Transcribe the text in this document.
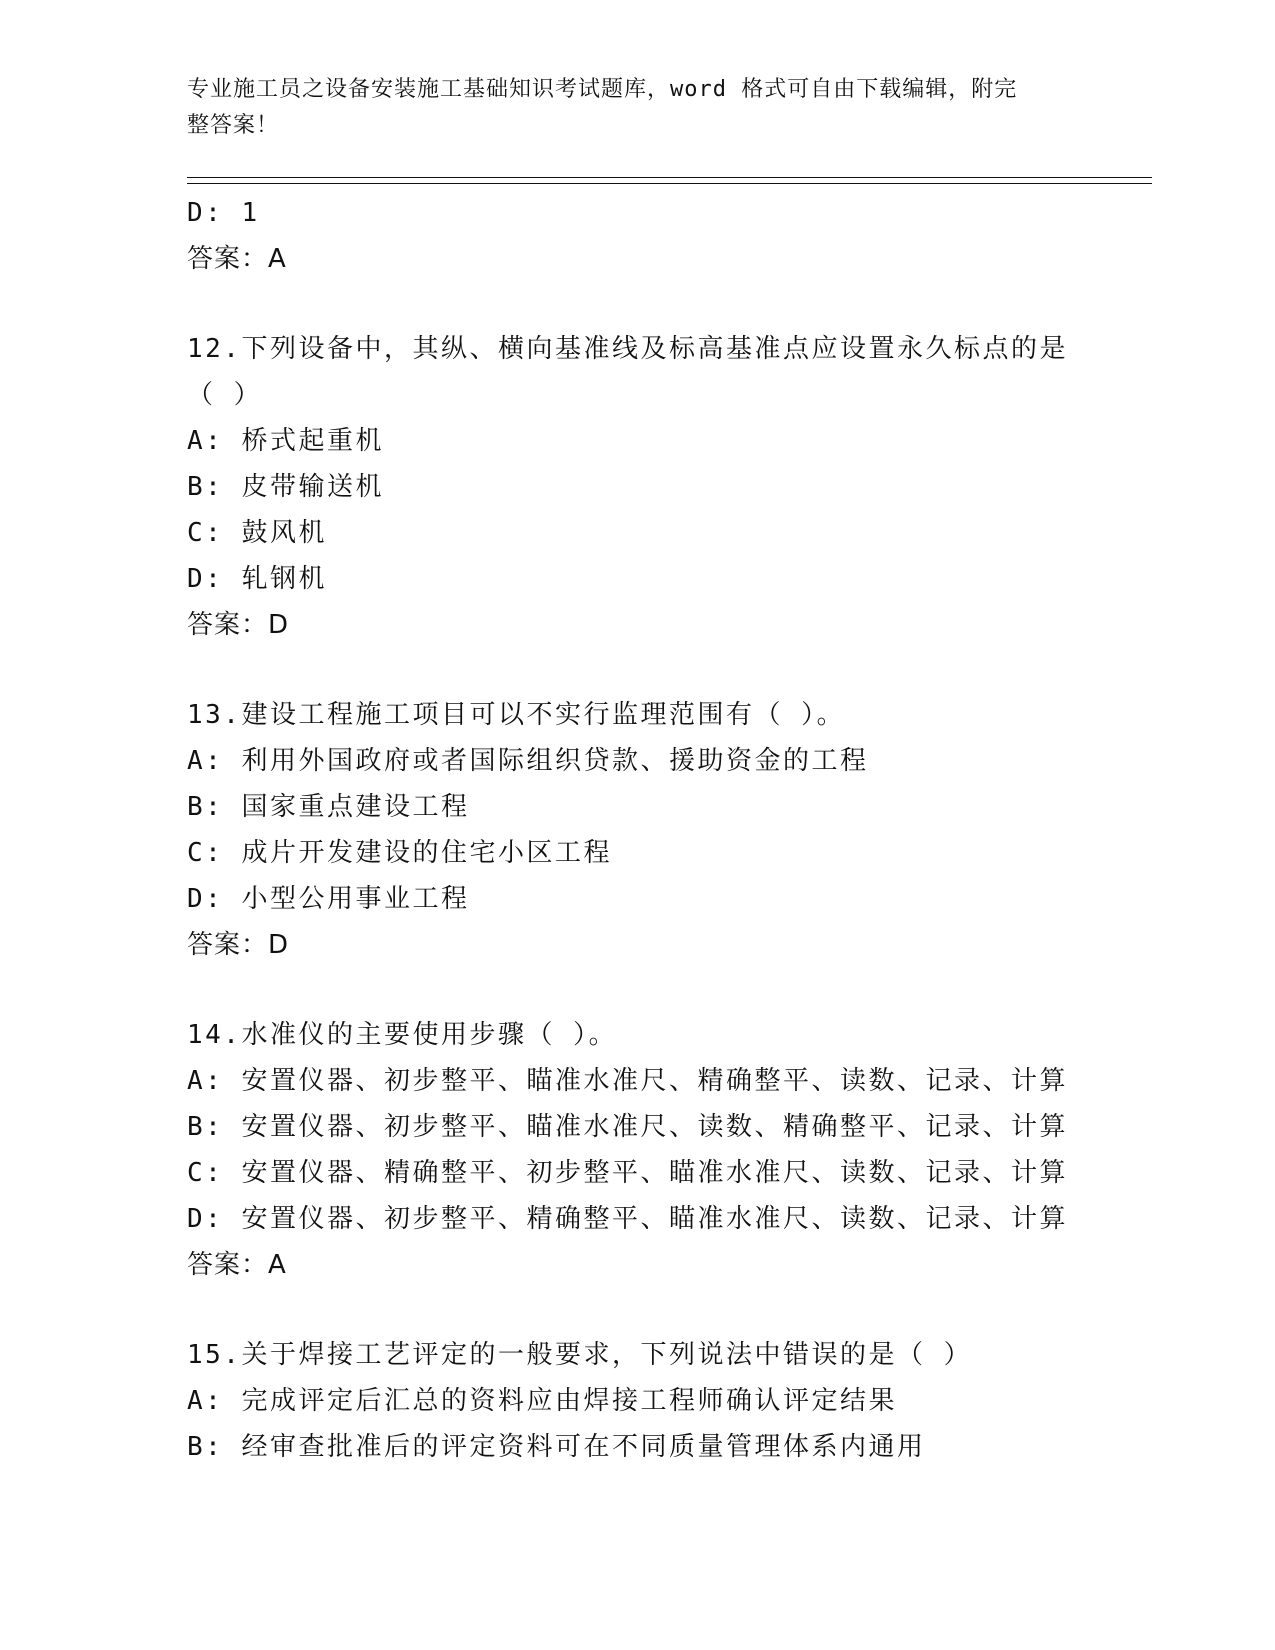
专业施工员之设备安装施工基础知识考试题库，word 格式可自由下载编辑，附完
整答案！
D: 1
答案：A
12.下列设备中，其纵、横向基准线及标高基准点应设置永久标点的是
（ ）
A: 桥式起重机
B: 皮带输送机
C: 鼓风机
D: 轧钢机
答案：D
13.建设工程施工项目可以不实行监理范围有（ ）。
A: 利用外国政府或者国际组织贷款、援助资金的工程
B: 国家重点建设工程
C: 成片开发建设的住宅小区工程
D: 小型公用事业工程
答案：D
14.水准仪的主要使用步骤（ ）。
A: 安置仪器、初步整平、瞄准水准尺、精确整平、读数、记录、计算
B: 安置仪器、初步整平、瞄准水准尺、读数、精确整平、记录、计算
C: 安置仪器、精确整平、初步整平、瞄准水准尺、读数、记录、计算
D: 安置仪器、初步整平、精确整平、瞄准水准尺、读数、记录、计算
答案：A
15.关于焊接工艺评定的一般要求，下列说法中错误的是（ ）
A: 完成评定后汇总的资料应由焊接工程师确认评定结果
B: 经审查批准后的评定资料可在不同质量管理体系内通用
